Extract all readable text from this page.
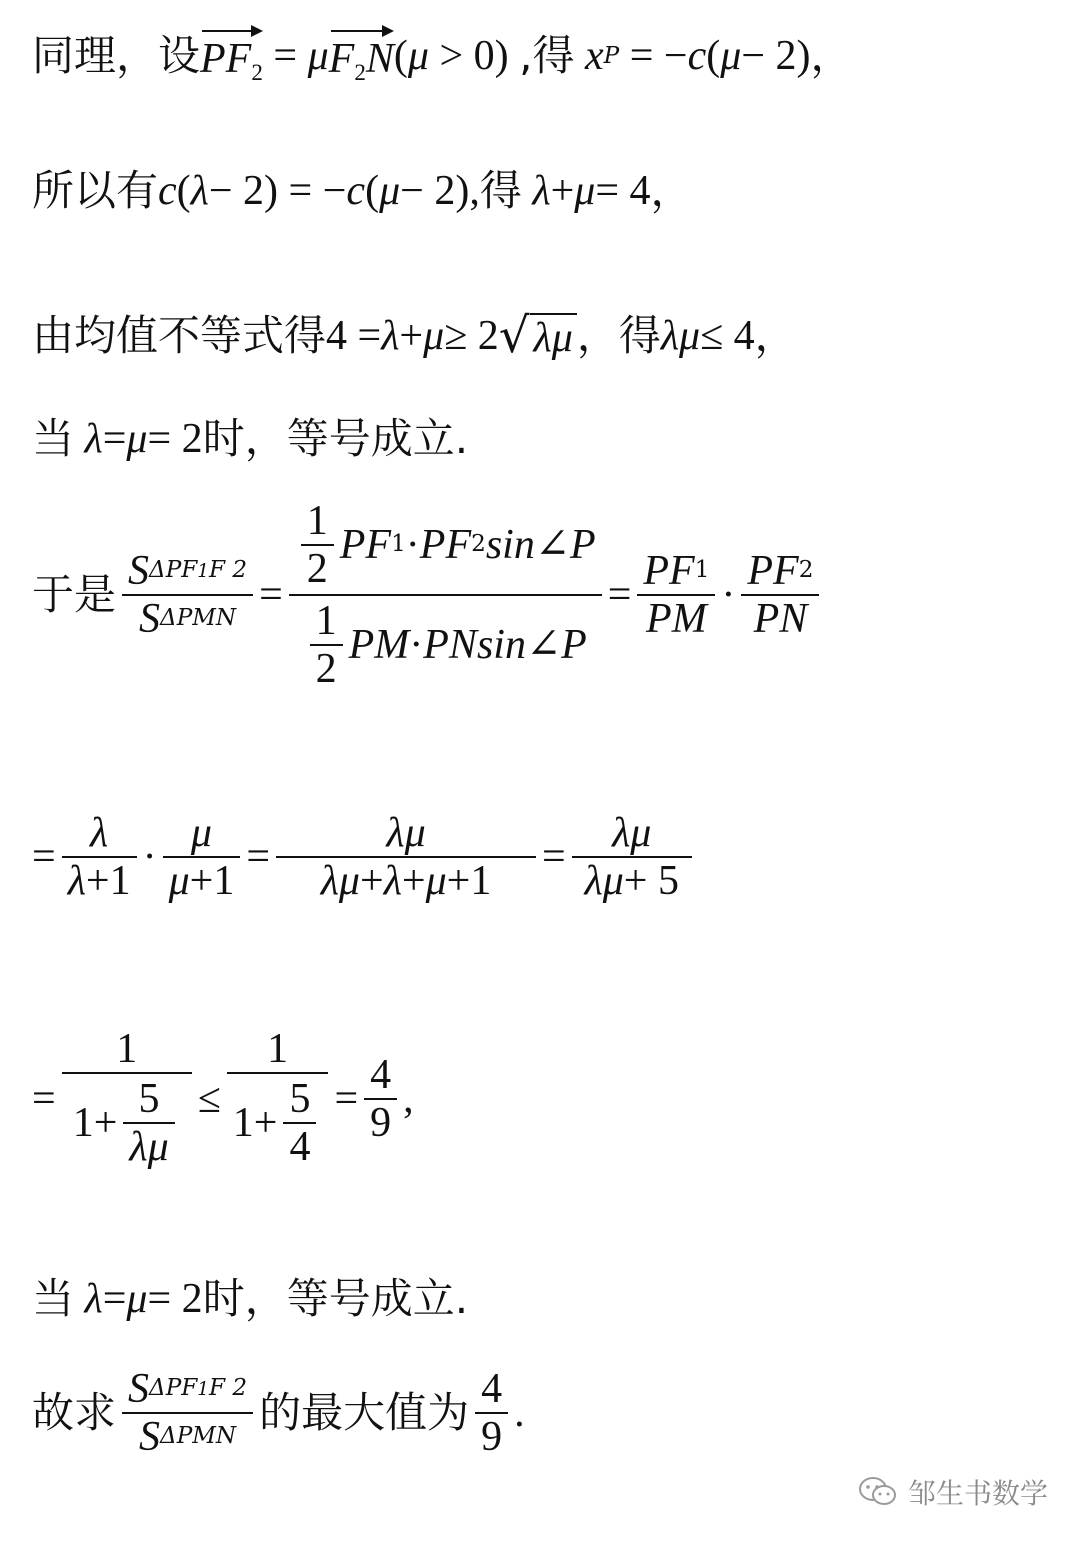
同理，设 $PF_2 = \mu$ $F_2N$ ( μ > 0)
,得
x P = − c ( μ − 2) ，
所以有 c ( λ − 2) = − c ( μ − 2), 得
λ + μ = 4 ，
由均值不等式得 4 = λ + μ ≥ 2 √ λμ ，得 λμ ≤ 4 ，
当
λ = μ = 2 时， 等号成立.
于是 $\frac{\text{S ΔPF1F 2}}{\text{S ΔPMN}} = \frac{\frac{1}{2} PF 1 \cdot PF 2 \sin \angle P}{\frac{1}{2} PM \cdot PNsin \angle P} = \frac{PF 1}{PM} \cdot \frac{PF 2}{PN}$
= $\frac{\lambda}{\lambda +1} \cdot \frac{\mu}{\mu +1} = \frac{\lambda\mu}{\lambda\mu + \lambda + \mu +1} = \frac{\lambda\mu}{\lambda\mu + 5}$
= $\frac{1}{1+ \frac{5}{\lambda\mu}} \le \frac{1}{1+ \frac{5}{4}} = \frac{4}{9}$ ,
当
λ = μ = 2 时， 等号成立.
故求 $\frac{\text{S ΔPF1F 2}}{\text{S ΔPMN}}$ 的最大值为 $\frac{4}{9}$ .
邹生书数学
